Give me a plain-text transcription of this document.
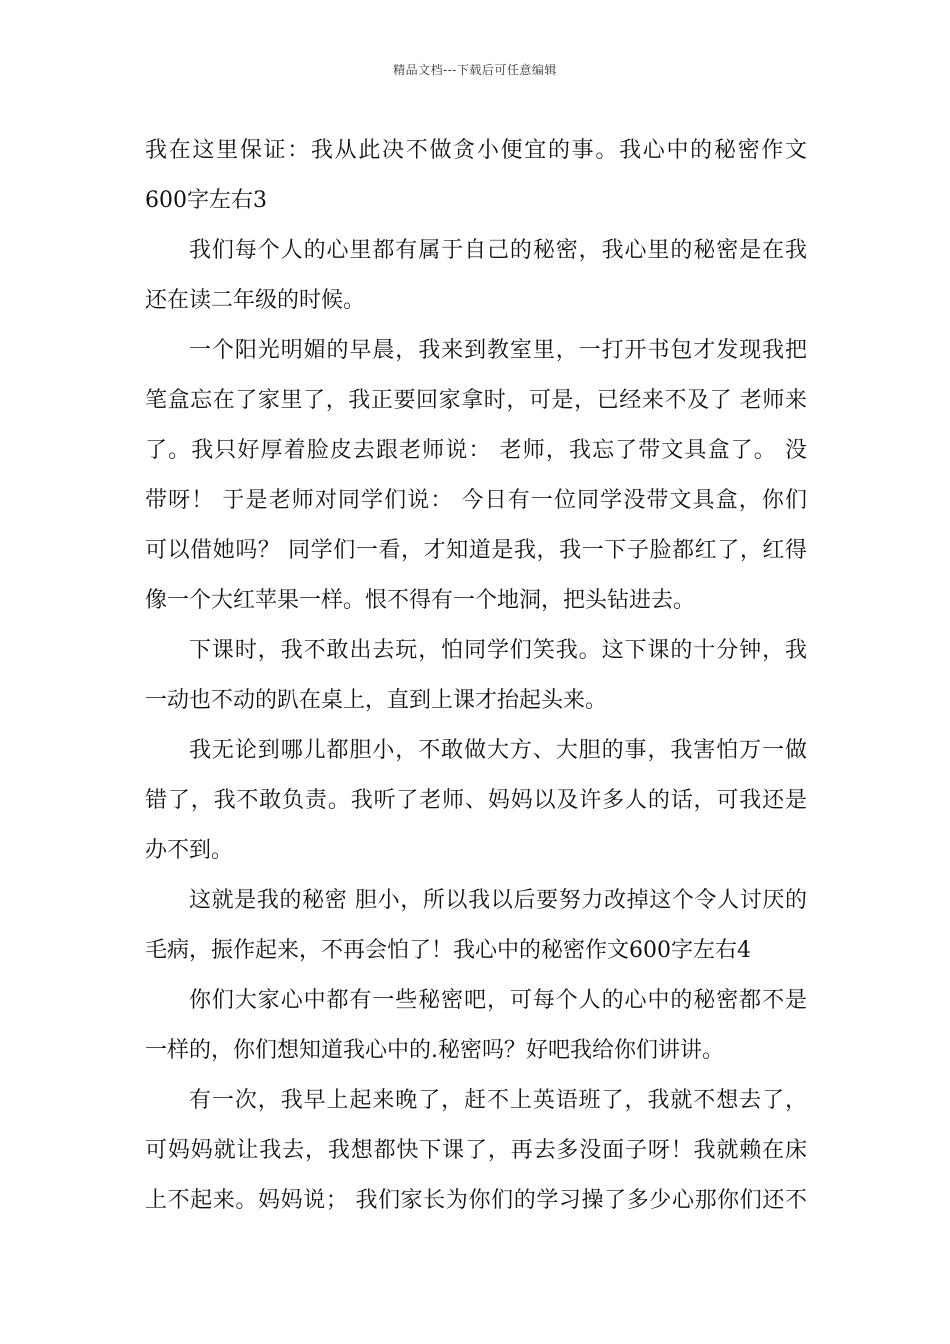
精品文档---下载后可任意编辑
我在这里保证：我从此决不做贪小便宜的事。我心中的秘密作文
600字左右3
我们每个人的心里都有属于自己的秘密，我心里的秘密是在我
还在读二年级的时候。
一个阳光明媚的早晨，我来到教室里，一打开书包才发现我把
笔盒忘在了家里了，我正要回家拿时，可是，已经来不及了 老师来
了。我只好厚着脸皮去跟老师说： 老师，我忘了带文具盒了。 没
带呀！ 于是老师对同学们说： 今日有一位同学没带文具盒，你们
可以借她吗？ 同学们一看，才知道是我，我一下子脸都红了，红得
像一个大红苹果一样。恨不得有一个地洞，把头钻进去。
下课时，我不敢出去玩，怕同学们笑我。这下课的十分钟，我
一动也不动的趴在桌上，直到上课才抬起头来。
我无论到哪儿都胆小，不敢做大方、大胆的事，我害怕万一做
错了，我不敢负责。我听了老师、妈妈以及许多人的话，可我还是
办不到。
这就是我的秘密 胆小，所以我以后要努力改掉这个令人讨厌的
毛病，振作起来，不再会怕了！我心中的秘密作文600字左右4
你们大家心中都有一些秘密吧，可每个人的心中的秘密都不是
一样的，你们想知道我心中的.秘密吗？好吧我给你们讲讲。
有一次，我早上起来晚了，赶不上英语班了，我就不想去了，
可妈妈就让我去，我想都快下课了，再去多没面子呀！我就赖在床
上不起来。妈妈说； 我们家长为你们的学习操了多少心那你们还不
